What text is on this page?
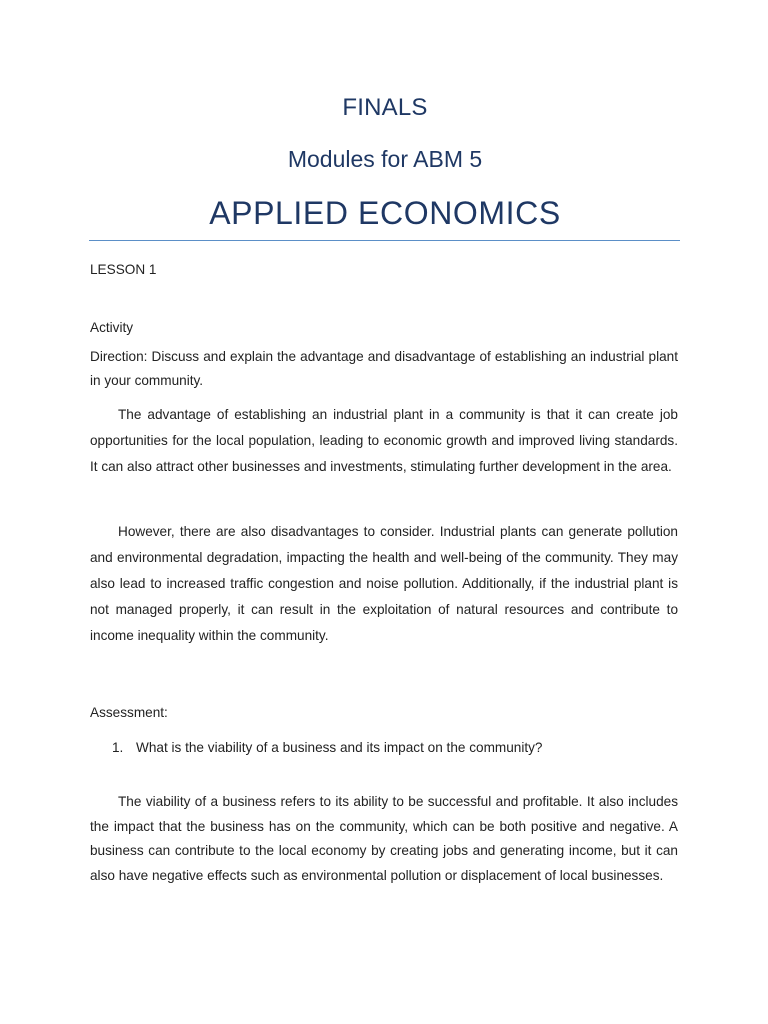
FINALS
Modules for ABM 5
APPLIED ECONOMICS
LESSON 1
Activity
Direction: Discuss and explain the advantage and disadvantage of establishing an industrial plant in your community.
The advantage of establishing an industrial plant in a community is that it can create job opportunities for the local population, leading to economic growth and improved living standards. It can also attract other businesses and investments, stimulating further development in the area.
However, there are also disadvantages to consider. Industrial plants can generate pollution and environmental degradation, impacting the health and well-being of the community. They may also lead to increased traffic congestion and noise pollution. Additionally, if the industrial plant is not managed properly, it can result in the exploitation of natural resources and contribute to income inequality within the community.
Assessment:
1. What is the viability of a business and its impact on the community?
The viability of a business refers to its ability to be successful and profitable. It also includes the impact that the business has on the community, which can be both positive and negative. A business can contribute to the local economy by creating jobs and generating income, but it can also have negative effects such as environmental pollution or displacement of local businesses.
